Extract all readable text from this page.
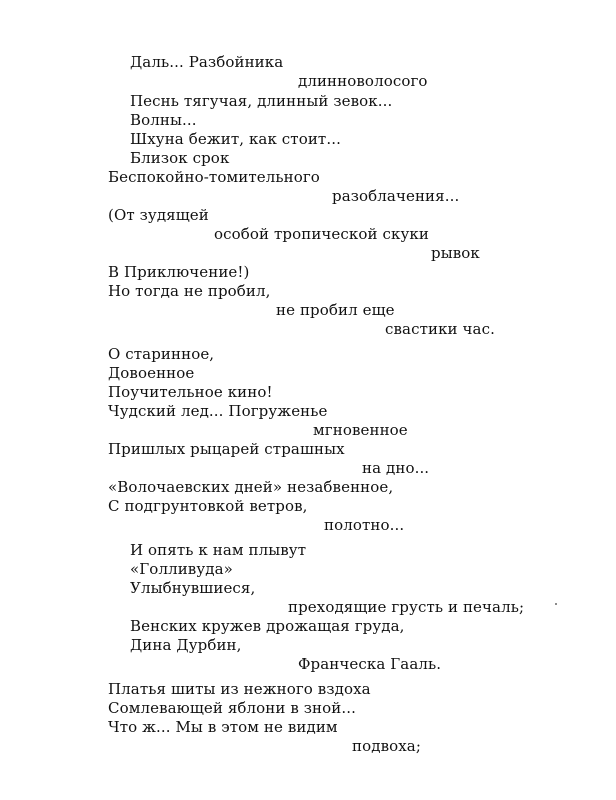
Даль... Разбойника
длинноволосого
Песнь тягучая, длинный зевок...
Волны...
Шхуна бежит, как стоит...
Близок срок
Беспокойно-томительного
разоблачения...
(От зудящей
особой тропической скуки
рывок
В Приключение!)
Но тогда не пробил,
не пробил еще
свастики час.
О старинное,
Довоенное
Поучительное кино!
Чудский лед... Погруженье
мгновенное
Пришлых рыцарей страшных
на дно...
«Волочаевских дней» незабвенное,
С подгрунтовкой ветров,
полотно...
И опять к нам плывут
«Голливуда»
Улыбнувшиеся,
преходящие грусть и печаль;
Венских кружев дрожащая груда,
Дина Дурбин,
Франческа Гааль.
Платья шиты из нежного вздоха
Сомлевающей яблони в зной...
Что ж... Мы в этом не видим
подвоха;
